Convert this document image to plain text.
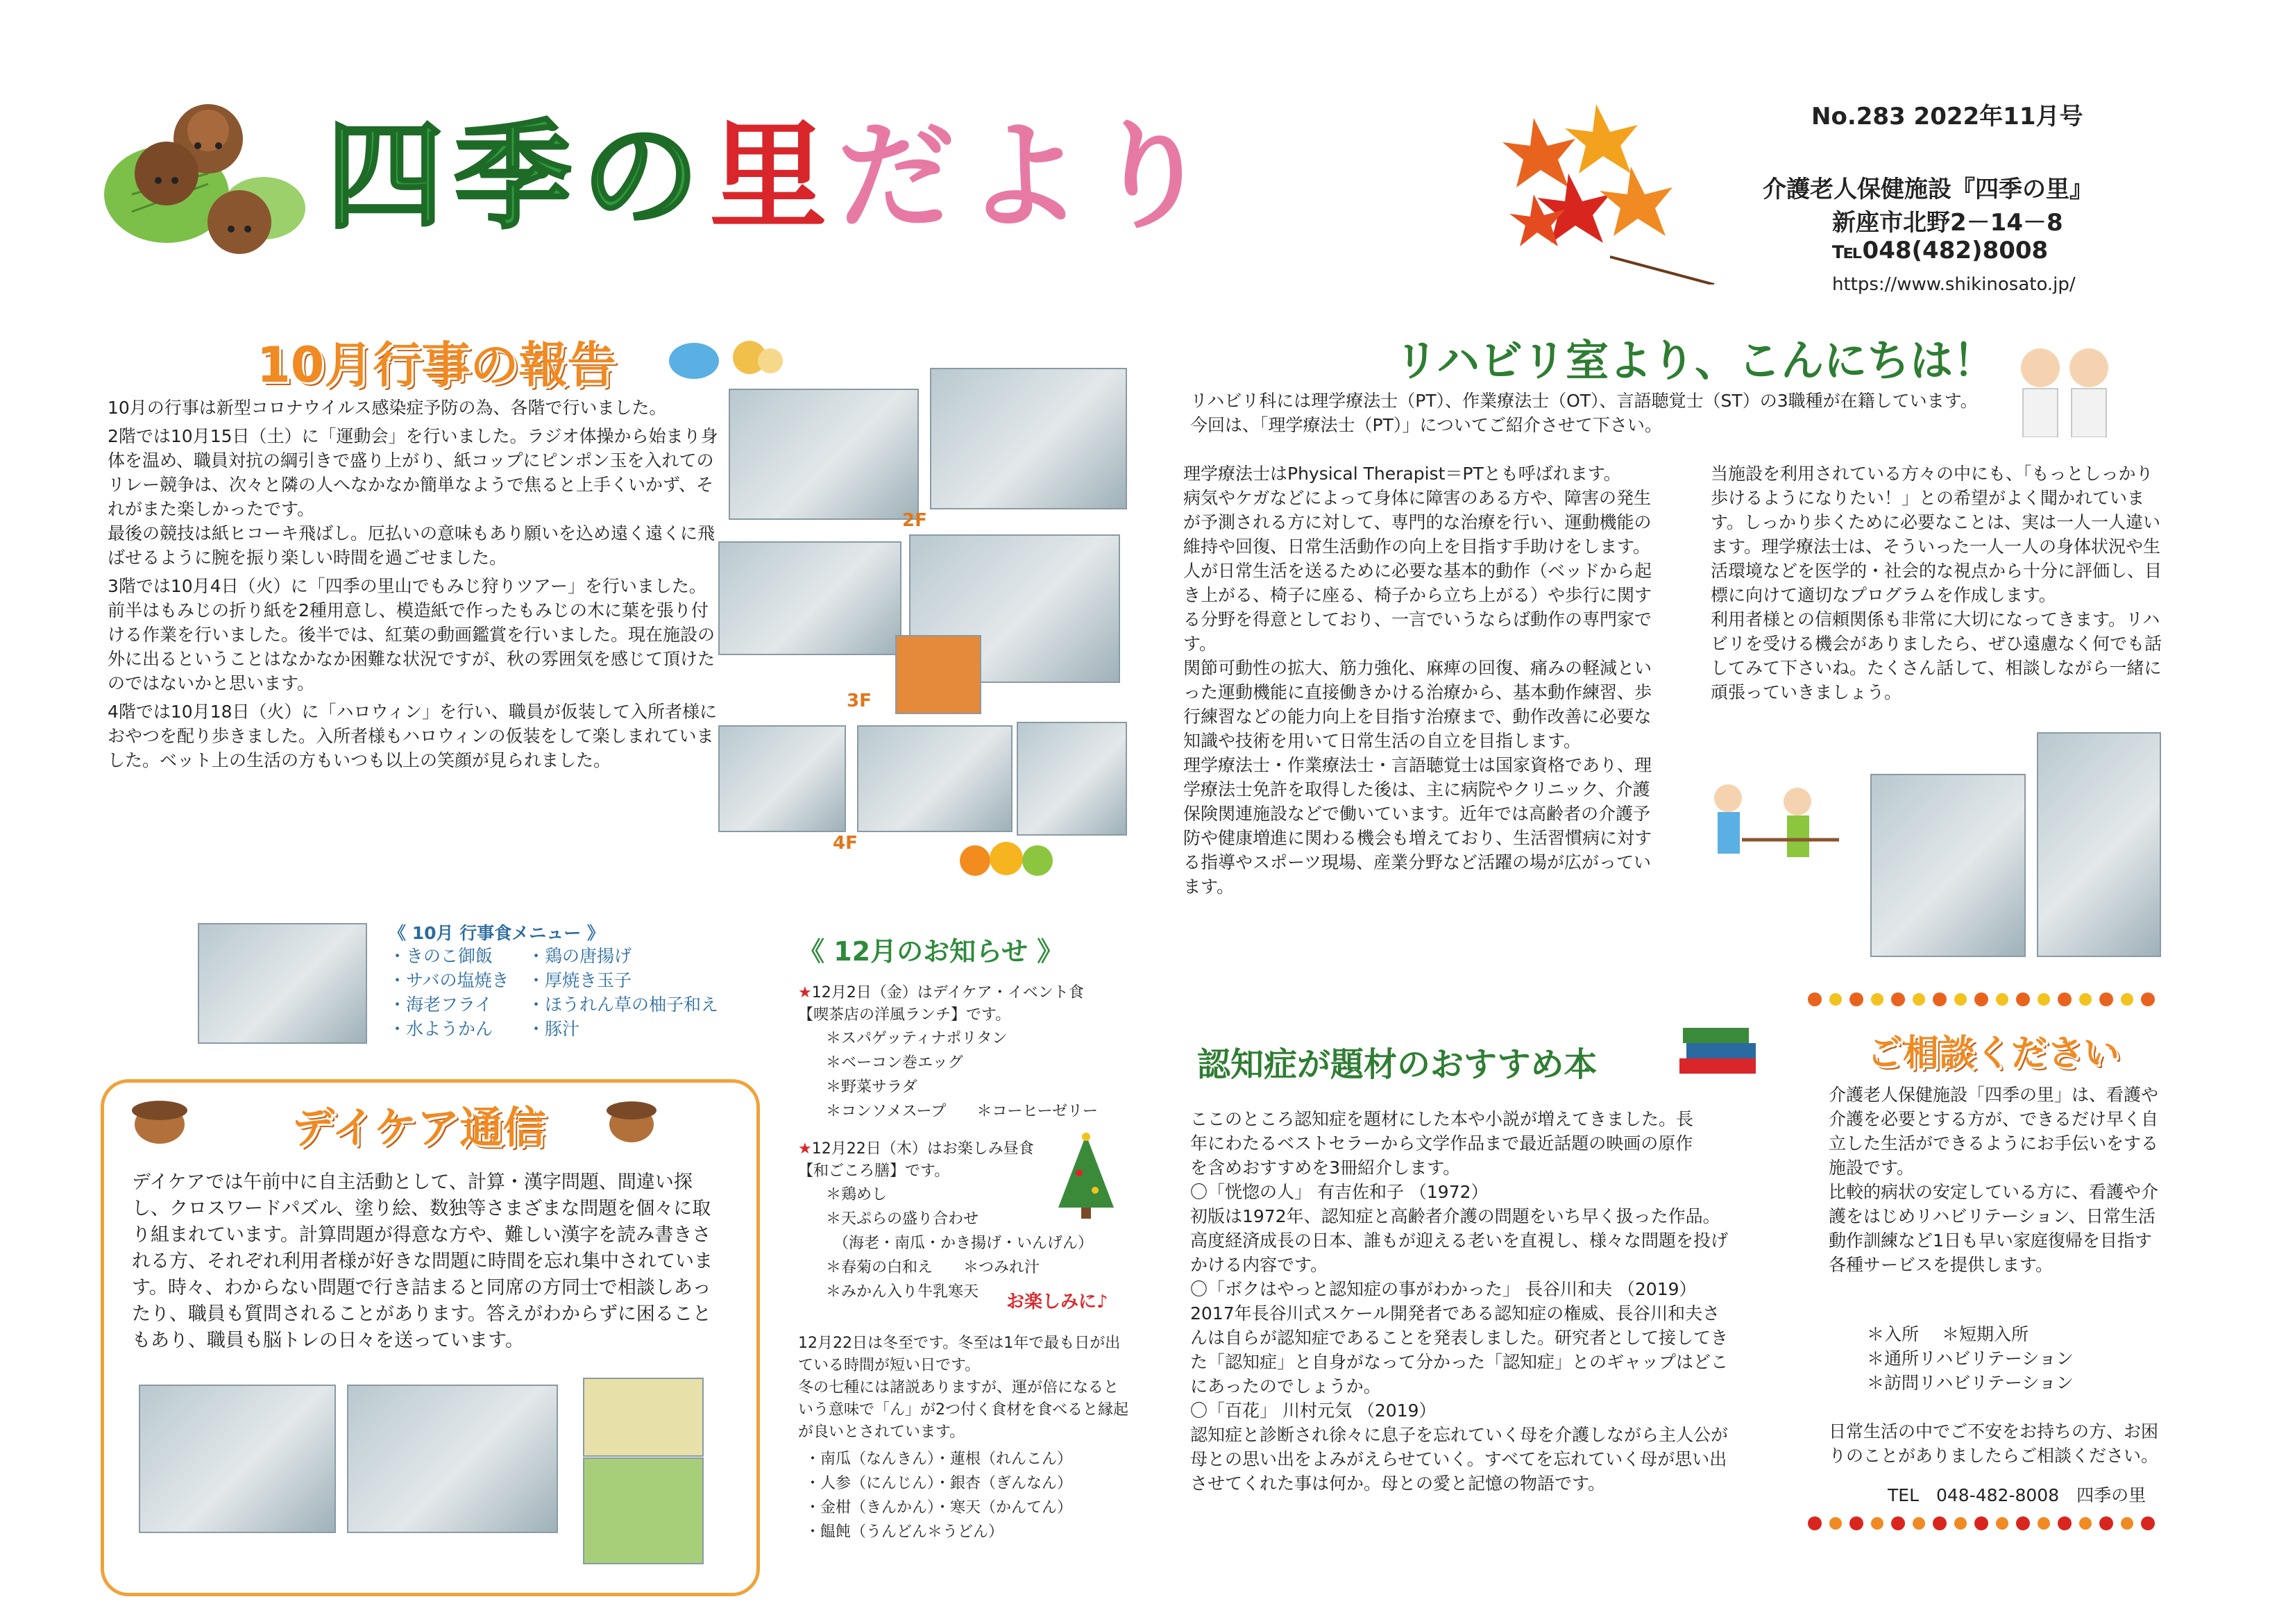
四季の里だより	No.283 2022年11月号
介護老人保健施設『四季の里』
新座市北野2－14－8
℡048(482)8008
https://www.shikinosato.jp/
10月行事の報告

10月の行事は新型コロナウイルス感染症予防の為、各階で行いました。

2階では10月15日（土）に「運動会」を行いました。ラジオ体操から始まり身体を温め、職員対抗の綱引きで盛り上がり、紙コップにピンポン玉を入れてのリレー競争は、次々と隣の人へなかなか簡単なようで焦ると上手くいかず、それがまた楽しかったです。
最後の競技は紙ヒコーキ飛ばし。厄払いの意味もあり願いを込め遠く遠くに飛ばせるように腕を振り楽しい時間を過ごせました。

3階では10月4日（火）に「四季の里山でもみじ狩りツアー」を行いました。前半はもみじの折り紙を2種用意し、模造紙で作ったもみじの木に葉を張り付ける作業を行いました。後半では、紅葉の動画鑑賞を行いました。現在施設の外に出るということはなかなか困難な状況ですが、秋の雰囲気を感じて頂けたのではないかと思います。

4階では10月18日（火）に「ハロウィン」を行い、職員が仮装して入所者様におやつを配り歩きました。入所者様もハロウィンの仮装をして楽しまれていました。ベット上の生活の方もいつも以上の笑顔が見られました。

2F
3F
4F
《 10月 行事食メニュー 》
・きのこ御飯
・サバの塩焼き
・海老フライ
・水ようかん
・鶏の唐揚げ
・厚焼き玉子
・ほうれん草の柚子和え
・豚汁
デイケア通信
デイケアでは午前中に自主活動として、計算・漢字問題、間違い探し、クロスワードパズル、塗り絵、数独等さまざまな問題を個々に取り組まれています。計算問題が得意な方や、難しい漢字を読み書きされる方、それぞれ利用者様が好きな問題に時間を忘れ集中されています。時々、わからない問題で行き詰まると同席の方同士で相談しあったり、職員も質問されることがあります。答えがわからずに困ることもあり、職員も脳トレの日々を送っています。
《 12月のお知らせ 》
★12月2日（金）はデイケア・イベント食
【喫茶店の洋風ランチ】です。
＊ スパゲッティナポリタン
＊ ベーコン巻エッグ
＊ 野菜サラダ
＊ コンソメスープ　　＊コーヒーゼリー
★12月22日（木）はお楽しみ昼食
【和ごころ膳】です。
＊ 鶏めし
＊ 天ぷらの盛り合わせ
　（海老・南瓜・かき揚げ・いんげん）
＊ 春菊の白和え　　＊つみれ汁
＊ みかん入り牛乳寒天	お楽しみに♪
12月22日は冬至です。冬至は1年で最も日が出ている時間が短い日です。
冬の七種には諸説ありますが、運が倍になるという意味で「ん」が2つ付く食材を食べると縁起が良いとされています。
・南瓜（なんきん）・蓮根（れんこん）
・人参（にんじん）・銀杏（ぎんなん）
・金柑（きんかん）・寒天（かんてん）
・饂飩（うんどん＊うどん）
リハビリ室より、こんにちは！
リハビリ科には理学療法士（PT）、作業療法士（OT）、言語聴覚士（ST）の3職種が在籍しています。
今回は、「理学療法士（PT）」についてご紹介させて下さい。
理学療法士はPhysical Therapist＝PTとも呼ばれます。
病気やケガなどによって身体に障害のある方や、障害の発生が予測される方に対して、専門的な治療を行い、運動機能の維持や回復、日常生活動作の向上を目指す手助けをします。人が日常生活を送るために必要な基本的動作（ベッドから起き上がる、椅子に座る、椅子から立ち上がる）や歩行に関する分野を得意としており、一言でいうならば動作の専門家です。
関節可動性の拡大、筋力強化、麻痺の回復、痛みの軽減といった運動機能に直接働きかける治療から、基本動作練習、歩行練習などの能力向上を目指す治療まで、動作改善に必要な知識や技術を用いて日常生活の自立を目指します。
理学療法士・作業療法士・言語聴覚士は国家資格であり、理学療法士免許を取得した後は、主に病院やクリニック、介護保険関連施設などで働いています。近年では高齢者の介護予防や健康増進に関わる機会も増えており、生活習慣病に対する指導やスポーツ現場、産業分野など活躍の場が広がっています。
当施設を利用されている方々の中にも、「もっとしっかり歩けるようになりたい！」との希望がよく聞かれています。しっかり歩くために必要なことは、実は一人一人違います。理学療法士は、そういった一人一人の身体状況や生活環境などを医学的・社会的な視点から十分に評価し、目標に向けて適切なプログラムを作成します。
利用者様との信頼関係も非常に大切になってきます。リハビリを受ける機会がありましたら、ぜひ遠慮なく何でも話してみて下さいね。たくさん話して、相談しながら一緒に頑張っていきましょう。
認知症が題材のおすすめ本
ここのところ認知症を題材にした本や小説が増えてきました。長年にわたるベストセラーから文学作品まで最近話題の映画の原作を含めおすすめを3冊紹介します。
〇「恍惚の人」 有吉佐和子 （1972）
初版は1972年、認知症と高齢者介護の問題をいち早く扱った作品。高度経済成長の日本、誰もが迎える老いを直視し、様々な問題を投げかける内容です。
〇「ボクはやっと認知症の事がわかった」 長谷川和夫 （2019）
2017年長谷川式スケール開発者である認知症の権威、長谷川和夫さんは自らが認知症であることを発表しました。研究者として接してきた「認知症」と自身がなって分かった「認知症」とのギャップはどこにあったのでしょうか。
〇「百花」 川村元気 （2019）
認知症と診断され徐々に息子を忘れていく母を介護しながら主人公が母との思い出をよみがえらせていく。すべてを忘れていく母が思い出させてくれた事は何か。母との愛と記憶の物語です。
ご相談ください
介護老人保健施設「四季の里」は、看護や介護を必要とする方が、できるだけ早く自立した生活ができるようにお手伝いをする施設です。
比較的病状の安定している方に、看護や介護をはじめリハビリテーション、日常生活動作訓練など1日も早い家庭復帰を目指す各種サービスを提供します。
＊入所　 ＊短期入所
＊通所リハビリテーション
＊訪問リハビリテーション
日常生活の中でご不安をお持ちの方、お困りのことがありましたらご相談ください。
TEL　048-482-8008　四季の里
